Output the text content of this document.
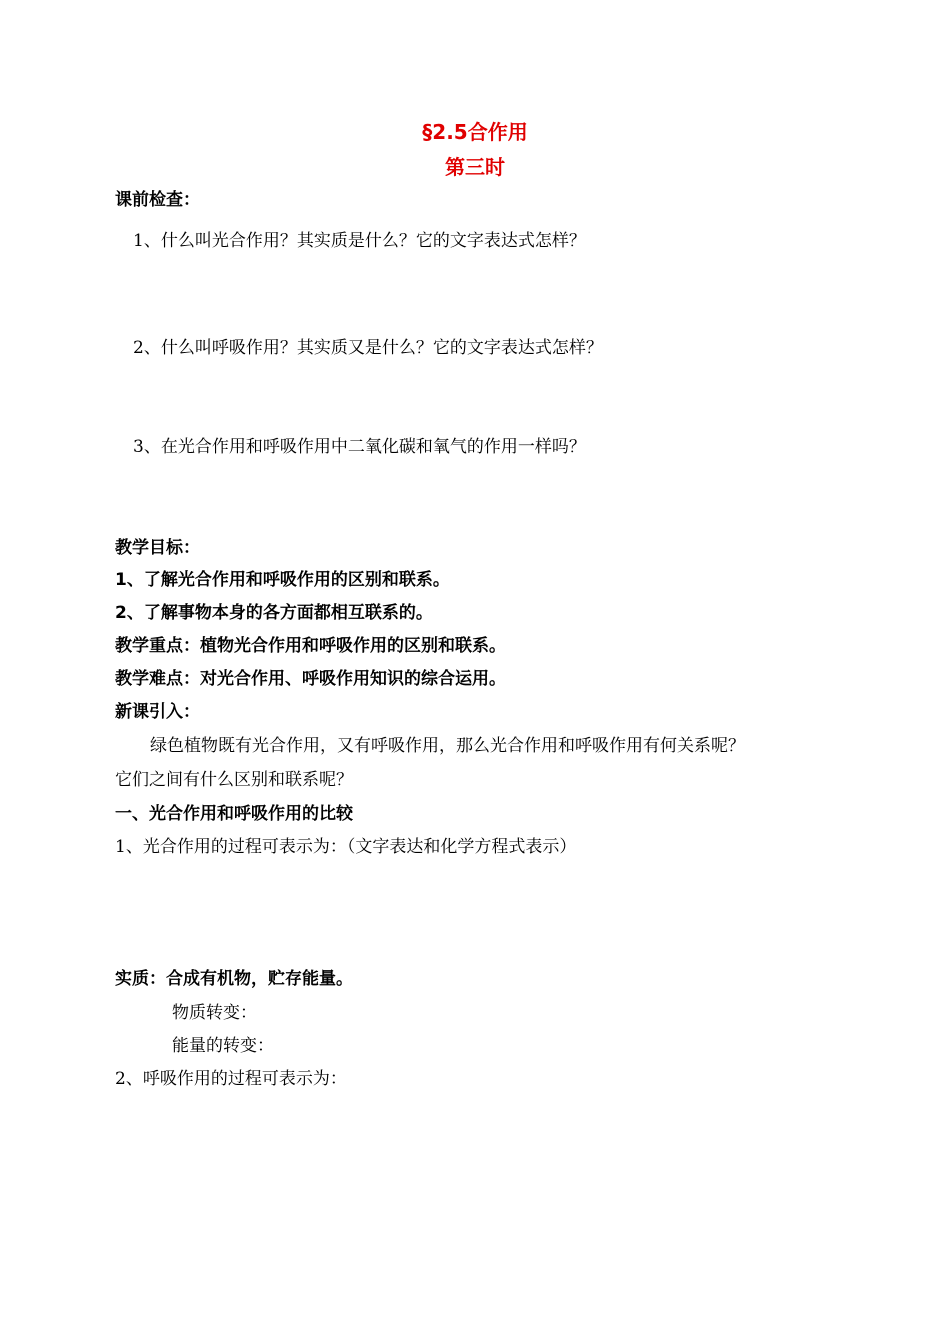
§2.5合作用
第三时
课前检查：
1、什么叫光合作用？其实质是什么？它的文字表达式怎样？
2、什么叫呼吸作用？其实质又是什么？它的文字表达式怎样？
3、在光合作用和呼吸作用中二氧化碳和氧气的作用一样吗？
教学目标：
1、了解光合作用和呼吸作用的区别和联系。
2、了解事物本身的各方面都相互联系的。
教学重点：植物光合作用和呼吸作用的区别和联系。
教学难点：对光合作用、呼吸作用知识的综合运用。
新课引入：
绿色植物既有光合作用，又有呼吸作用，那么光合作用和呼吸作用有何关系呢？
它们之间有什么区别和联系呢？
一、光合作用和呼吸作用的比较
1、光合作用的过程可表示为：（文字表达和化学方程式表示）
实质：合成有机物，贮存能量。
物质转变：
能量的转变：
2、呼吸作用的过程可表示为：
